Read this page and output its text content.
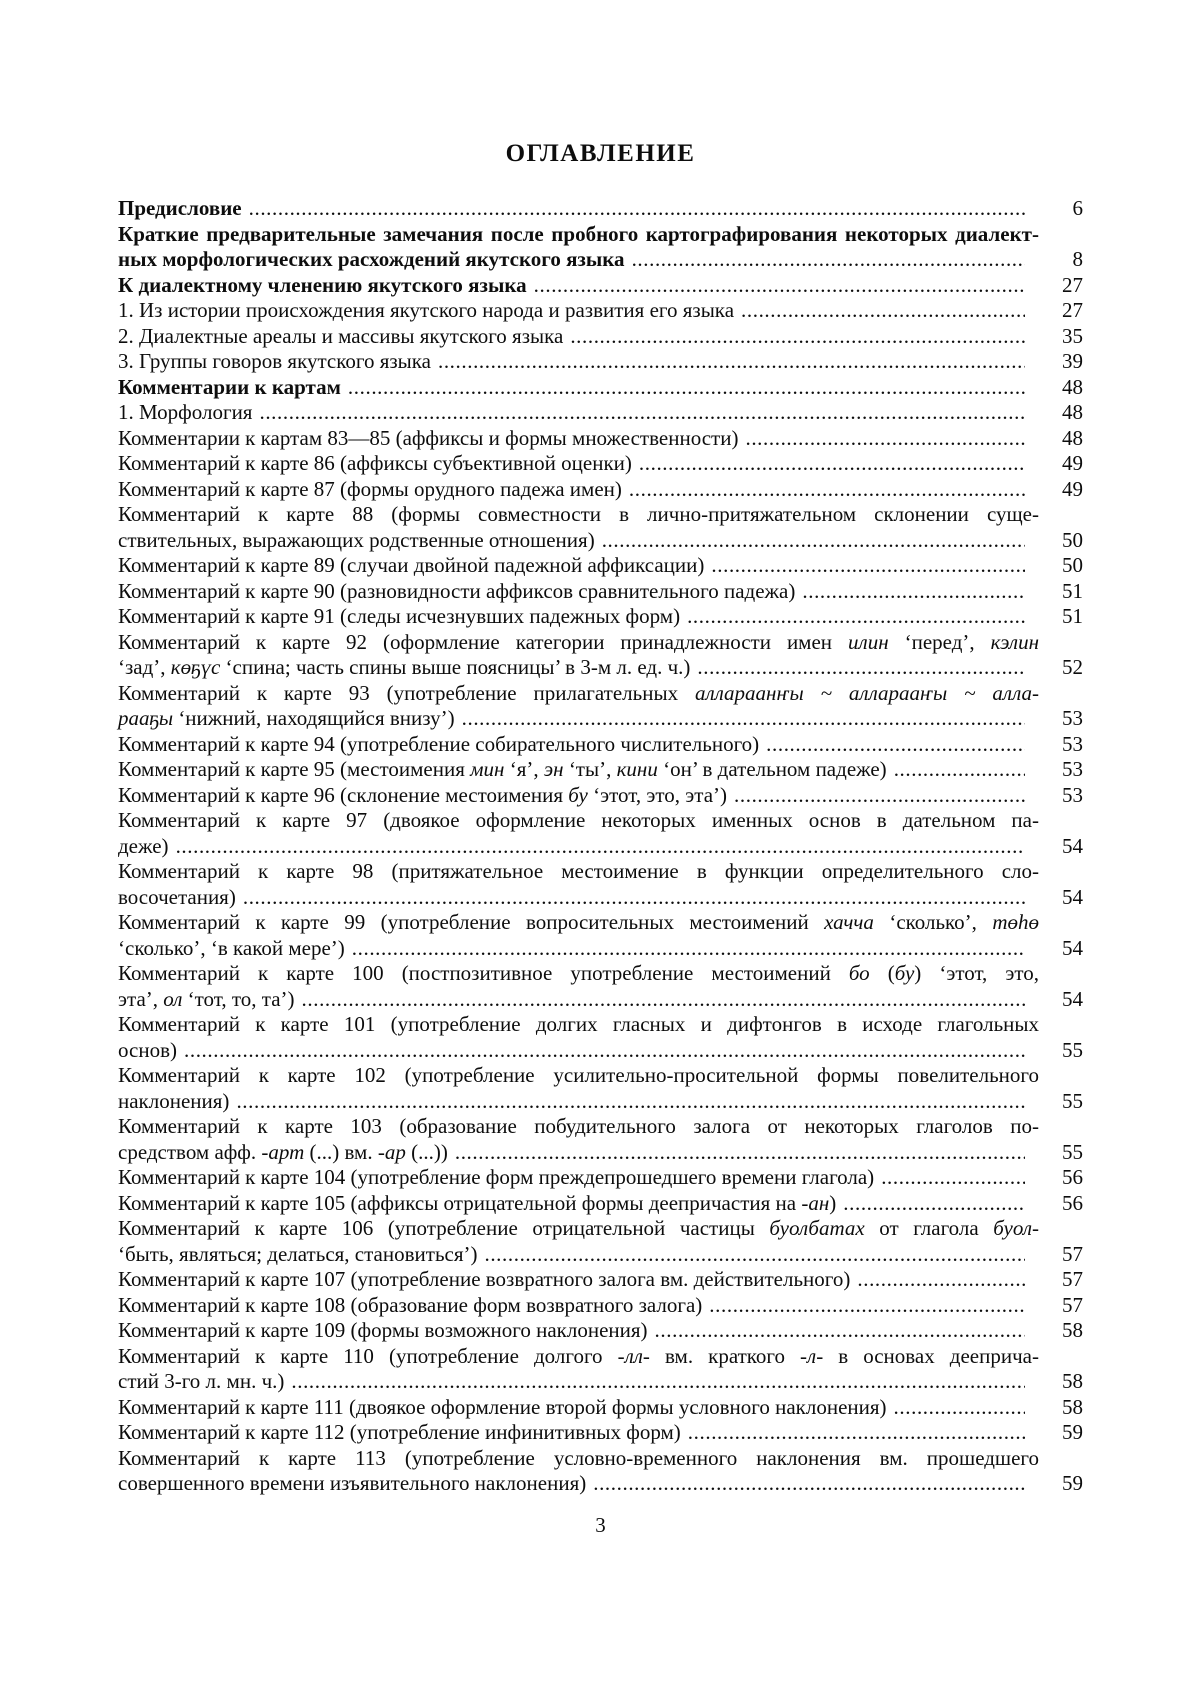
ОГЛАВЛЕНИЕ
Предисловие .....	6
Краткие предварительные замечания после пробного картографирования некоторых диалект-
ных морфологических расхождений якутского языка .....	8
К диалектному членению якутского языка .....	27
1. Из истории происхождения якутского народа и развития его языка .....	27
2. Диалектные ареалы и массивы якутского языка .....	35
3. Группы говоров якутского языка .....	39
Комментарии к картам .....	48
1. Морфология .....	48
Комментарии к картам 83—85 (аффиксы и формы множественности) .....	48
Комментарий к карте 86 (аффиксы субъективной оценки) .....	49
Комментарий к карте 87 (формы орудного падежа имен) .....	49
Комментарий к карте 88 (формы совместности в лично-притяжательном склонении суще-
ствительных, выражающих родственные отношения) .....	50
Комментарий к карте 89 (случаи двойной падежной аффиксации) .....	50
Комментарий к карте 90 (разновидности аффиксов сравнительного падежа) .....	51
Комментарий к карте 91 (следы исчезнувших падежных форм) .....	51
Комментарий к карте 92 (оформление категории принадлежности имен илин ‘перед’, кэлин
‘зад’, көҕүс ‘спина; часть спины выше поясницы’ в 3-м л. ед. ч.) .....	52
Комментарий к карте 93 (употребление прилагательных аллараанҥы ~ алларааҥы ~ алла-
рааҕы ‘нижний, находящийся внизу’) .....	53
Комментарий к карте 94 (употребление собирательного числительного) .....	53
Комментарий к карте 95 (местоимения мин ‘я’, эн ‘ты’, кини ‘он’ в дательном падеже) .....	53
Комментарий к карте 96 (склонение местоимения бу ‘этот, это, эта’) .....	53
Комментарий к карте 97 (двоякое оформление некоторых именных основ в дательном па-
деже) .....	54
Комментарий к карте 98 (притяжательное местоимение в функции определительного сло-
восочетания) .....	54
Комментарий к карте 99 (употребление вопросительных местоимений хачча ‘сколько’, төһө
‘сколько’, ‘в какой мере’) .....	54
Комментарий к карте 100 (постпозитивное употребление местоимений бо (бу) ‘этот, это,
эта’, ол ‘тот, то, та’) .....	54
Комментарий к карте 101 (употребление долгих гласных и дифтонгов в исходе глагольных
основ) .....	55
Комментарий к карте 102 (употребление усилительно-просительной формы повелительного
наклонения) .....	55
Комментарий к карте 103 (образование побудительного залога от некоторых глаголов по-
средством афф. -арт (...) вм. -ар (...)) .....	55
Комментарий к карте 104 (употребление форм преждепрошедшего времени глагола) .....	56
Комментарий к карте 105 (аффиксы отрицательной формы деепричастия на -ан) .....	56
Комментарий к карте 106 (употребление отрицательной частицы буолбатах от глагола буол-
‘быть, являться; делаться, становиться’) .....	57
Комментарий к карте 107 (употребление возвратного залога вм. действительного) .....	57
Комментарий к карте 108 (образование форм возвратного залога) .....	57
Комментарий к карте 109 (формы возможного наклонения) .....	58
Комментарий к карте 110 (употребление долгого -лл- вм. краткого -л- в основах дееприча-
стий 3-го л. мн. ч.) .....	58
Комментарий к карте 111 (двоякое оформление второй формы условного наклонения) .....	58
Комментарий к карте 112 (употребление инфинитивных форм) .....	59
Комментарий к карте 113 (употребление условно-временного наклонения вм. прошедшего
совершенного времени изъявительного наклонения) .....	59
3
